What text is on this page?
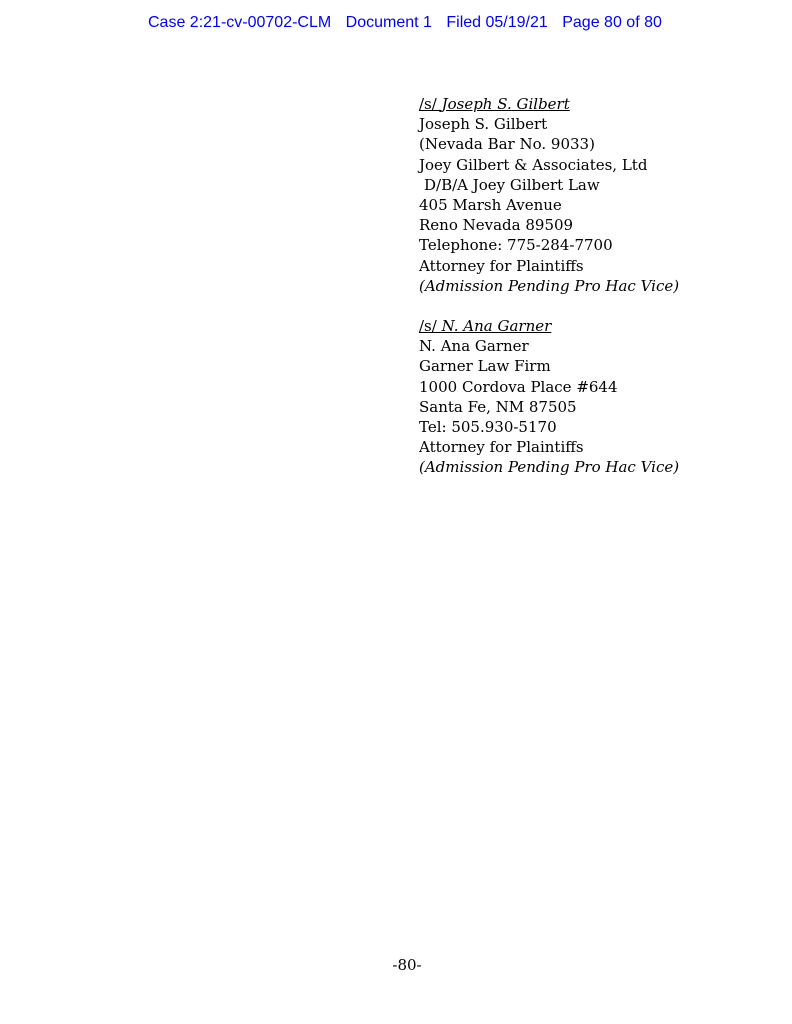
Case 2:21-cv-00702-CLM Document 1 Filed 05/19/21 Page 80 of 80
/s/ Joseph S. Gilbert
Joseph S. Gilbert
(Nevada Bar No. 9033)
Joey Gilbert & Associates, Ltd
D/B/A Joey Gilbert Law
405 Marsh Avenue
Reno Nevada 89509
Telephone: 775-284-7700
Attorney for Plaintiffs
(Admission Pending Pro Hac Vice)
/s/ N. Ana Garner
N. Ana Garner
Garner Law Firm
1000 Cordova Place #644
Santa Fe, NM 87505
Tel: 505.930-5170
Attorney for Plaintiffs
(Admission Pending Pro Hac Vice)
-80-
